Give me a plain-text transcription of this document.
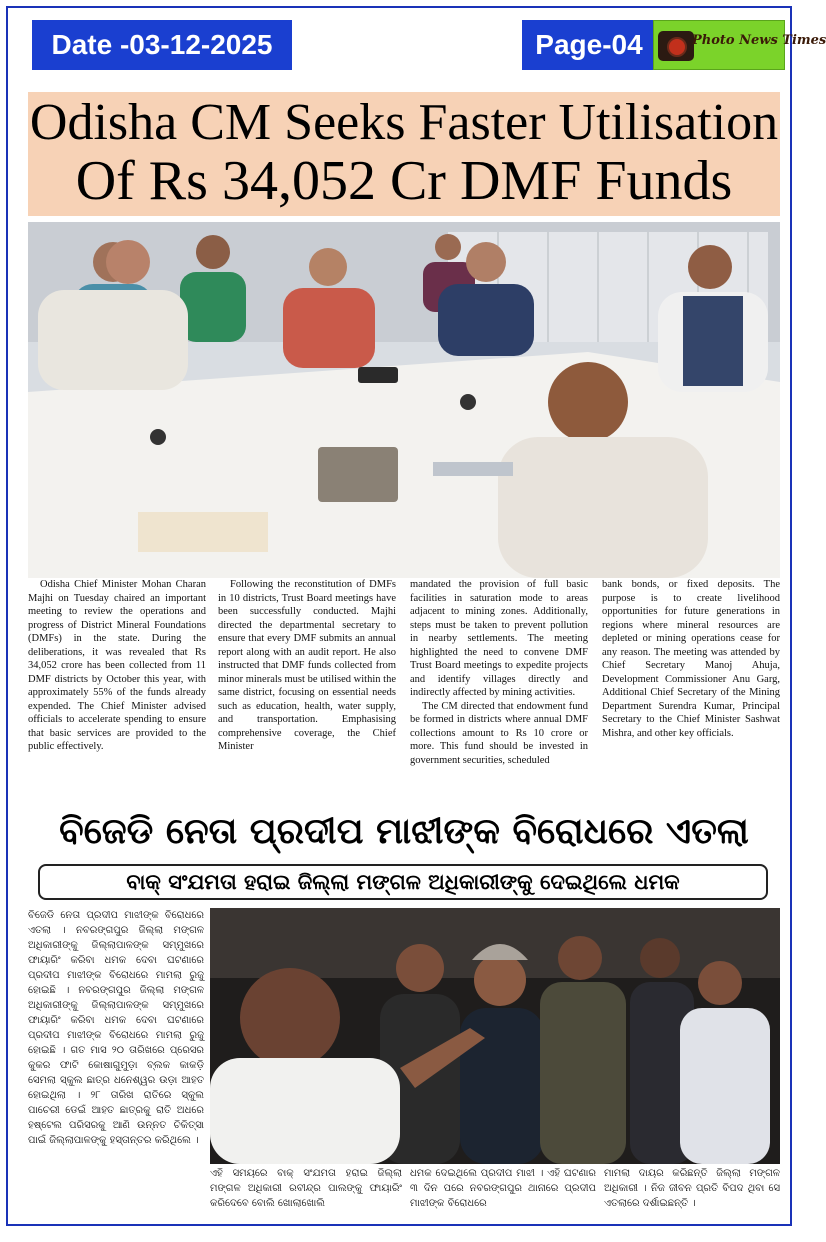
Date -03-12-2025	Page-04	Photo News Times
Odisha CM Seeks Faster Utilisation
Of Rs 34,052 Cr DMF Funds

Odisha Chief Minister Mohan Charan Majhi on Tuesday chaired an important meeting to review the operations and progress of District Mineral Foundations (DMFs) in the state. During the deliberations, it was revealed that Rs 34,052 crore has been collected from 11 DMF districts by October this year, with approximately 55% of the funds already expended. The Chief Minister advised officials to accelerate spending to ensure that basic services are provided to the public effectively.

Following the reconstitution of DMFs in 10 districts, Trust Board meetings have been successfully conducted. Majhi directed the departmental secretary to ensure that every DMF submits an annual report along with an audit report. He also instructed that DMF funds collected from minor minerals must be utilised within the same district, focusing on essential needs such as education, health, water supply, and transportation. Emphasising comprehensive coverage, the Chief Minister

mandated the provision of full basic facilities in saturation mode to areas adjacent to mining zones. Additionally, steps must be taken to prevent pollution in nearby settlements. The meeting highlighted the need to convene DMF Trust Board meetings to expedite projects and identify villages directly and indirectly affected by mining activities.

The CM directed that endowment fund be formed in districts where annual DMF collections amount to Rs 10 crore or more. This fund should be invested in government securities, scheduled

bank bonds, or fixed deposits. The purpose is to create livelihood opportunities for future generations in regions where mineral resources are depleted or mining operations cease for any reason. The meeting was attended by Chief Secretary Manoj Ahuja, Development Commissioner Anu Garg, Additional Chief Secretary of the Mining Department Surendra Kumar, Principal Secretary to the Chief Minister Sashwat Mishra, and other key officials.

ବିଜେଡି ନେତା ପ୍ରଦୀପ ମାଝୀଙ୍କ ବିରୋଧରେ ଏତଲା
ବାକ୍ ସଂଯମତା ହରାଇ ଜିଲ୍ଲା ମଙ୍ଗଳ ଅଧିକାରୀଙ୍କୁ ଦେଇଥିଲେ ଧମକ
ବିଜେଡି ନେତା ପ୍ରଦୀପ ମାଝୀଙ୍କ ବିରୋଧରେ ଏତଲା । ନବରଙ୍ଗପୁର ଜିଲ୍ଲା ମଙ୍ଗଳ ଅଧିକାରୀଙ୍କୁ ଜିଲ୍ଲାପାଳଙ୍କ ସମ୍ମୁଖରେ ଫାୟାରିଂ କରିବା ଧମକ ଦେବା ଘଟଣାରେ ପ୍ରଦୀପ ମାଝୀଙ୍କ ବିରୋଧରେ ମାମଲା ରୁଜୁ ହୋଇଛି । ନବରଙ୍ଗପୁର ଜିଲ୍ଲା ମଙ୍ଗଳ ଅଧିକାରୀଙ୍କୁ ଜିଲ୍ଲାପାଳଙ୍କ ସମ୍ମୁଖରେ ଫାୟାରିଂ କରିବା ଧମକ ଦେବା ଘଟଣାରେ ପ୍ରଦୀପ ମାଝୀଙ୍କ ବିରୋଧରେ ମାମଲା ରୁଜୁ ହୋଇଛି । ଗତ ମାସ ୨୦ ତାରିଖରେ ପ୍ରେସର କୁକର ଫାଟି କୋଷାଗୁମୁଡ଼ା ବ୍ଲକ କାକଡ଼ି ସେମଲା ସ୍କୁଲ ଛାତ୍ର ଧନେଶ୍ୱର ଉଡ଼ା ଆହତ ହୋଇଥିଲା । ୨୮ ତାରିଖ ରାତିରେ ସ୍କୁଲ ପାଚେରୀ ଡେଇଁ ଆହତ ଛାତ୍ରକୁ ରାତି ଅଧରେ ହଷ୍ଟେଲ ପରିସରକୁ ଆଣି ଉନ୍ନତ ଚିକିତ୍ସା ପାଇଁ ଜିଲ୍ଲାପାଳଙ୍କୁ ହସ୍ତାନ୍ତର କରିଥିଲେ ।
ଏହି ସମୟରେ ବାକ୍ ସଂଯମତା ହରାଇ ଜିଲ୍ଲା ମଙ୍ଗଳ ଅଧିକାରୀ ରବୀନ୍ଦ୍ର ପାଲଙ୍କୁ ଫାୟାରିଂ କରିଦେବେ ବୋଲି ଖୋଲାଖୋଲି
ଧମକ ଦେଇଥିଲେ ପ୍ରଦୀପ ମାଝୀ । ଏହି ଘଟଣାର ୩ ଦିନ ପରେ ନବରଙ୍ଗପୁର ଥାନାରେ ପ୍ରଦୀପ ମାଝୀଙ୍କ ବିରୋଧରେ
ମାମଲା ଦାୟର କରିଛନ୍ତି ଜିଲ୍ଲା ମଙ୍ଗଳ ଅଧିକାରୀ । ନିଜ ଜୀବନ ପ୍ରତି ବିପଦ ଥିବା ସେ ଏତଲାରେ ଦର୍ଶାଇଛନ୍ତି ।
